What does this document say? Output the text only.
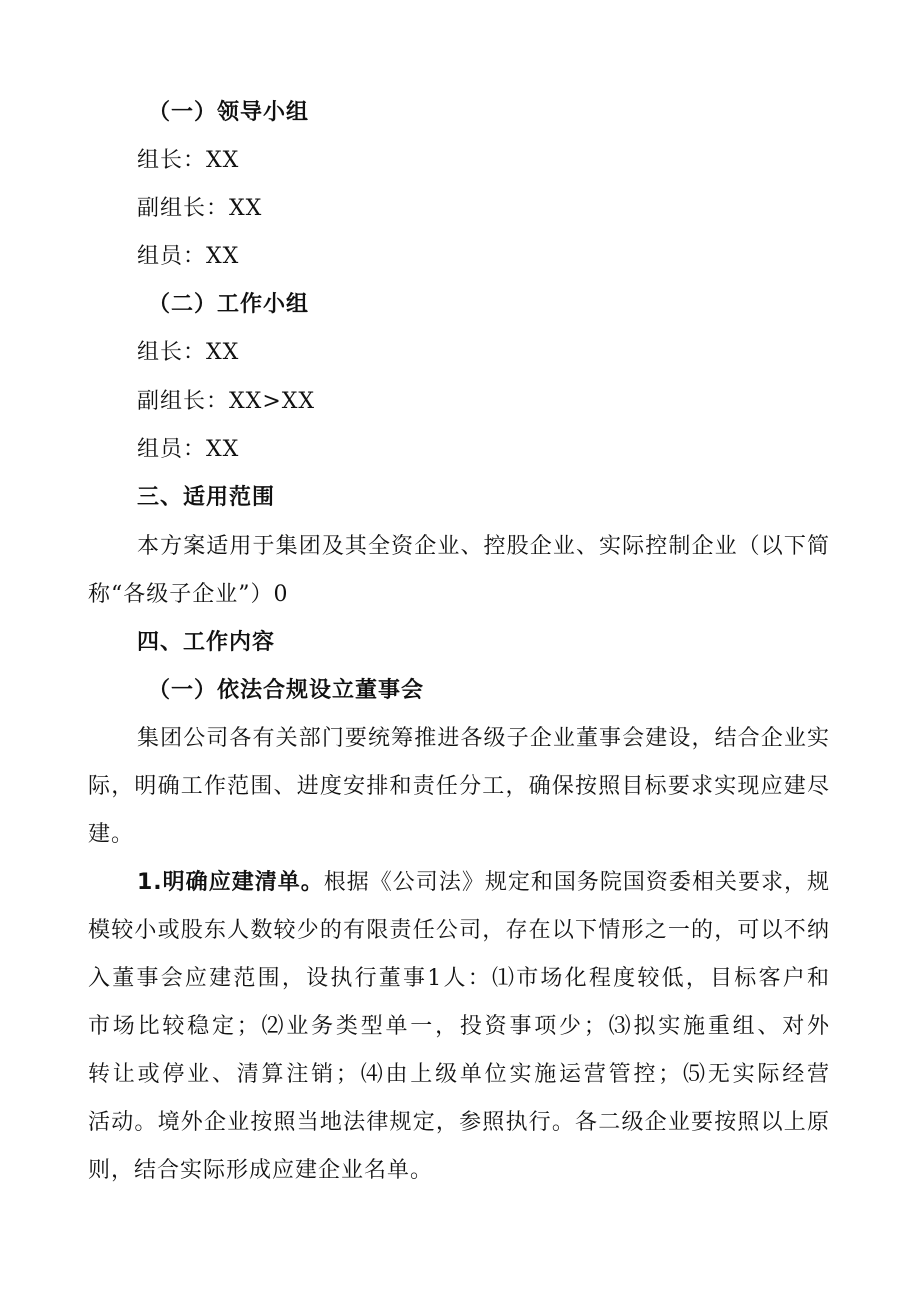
（一）领导小组
组长：XX
副组长：XX
组员：XX
（二）工作小组
组长：XX
副组长：XX>XX
组员：XX
三、适用范围
本方案适用于集团及其全资企业、控股企业、实际控制企业（以下简
称“各级子企业”）0
四、工作内容
（一）依法合规设立董事会
集团公司各有关部门要统筹推进各级子企业董事会建设，结合企业实
际，明确工作范围、进度安排和责任分工，确保按照目标要求实现应建尽
建。
1.明确应建清单。根据《公司法》规定和国务院国资委相关要求，规
模较小或股东人数较少的有限责任公司，存在以下情形之一的，可以不纳
入董事会应建范围，设执行董事1人：⑴市场化程度较低，目标客户和
市场比较稳定；⑵业务类型单一，投资事项少；⑶拟实施重组、对外
转让或停业、清算注销；⑷由上级单位实施运营管控；⑸无实际经营
活动。境外企业按照当地法律规定，参照执行。各二级企业要按照以上原
则，结合实际形成应建企业名单。
